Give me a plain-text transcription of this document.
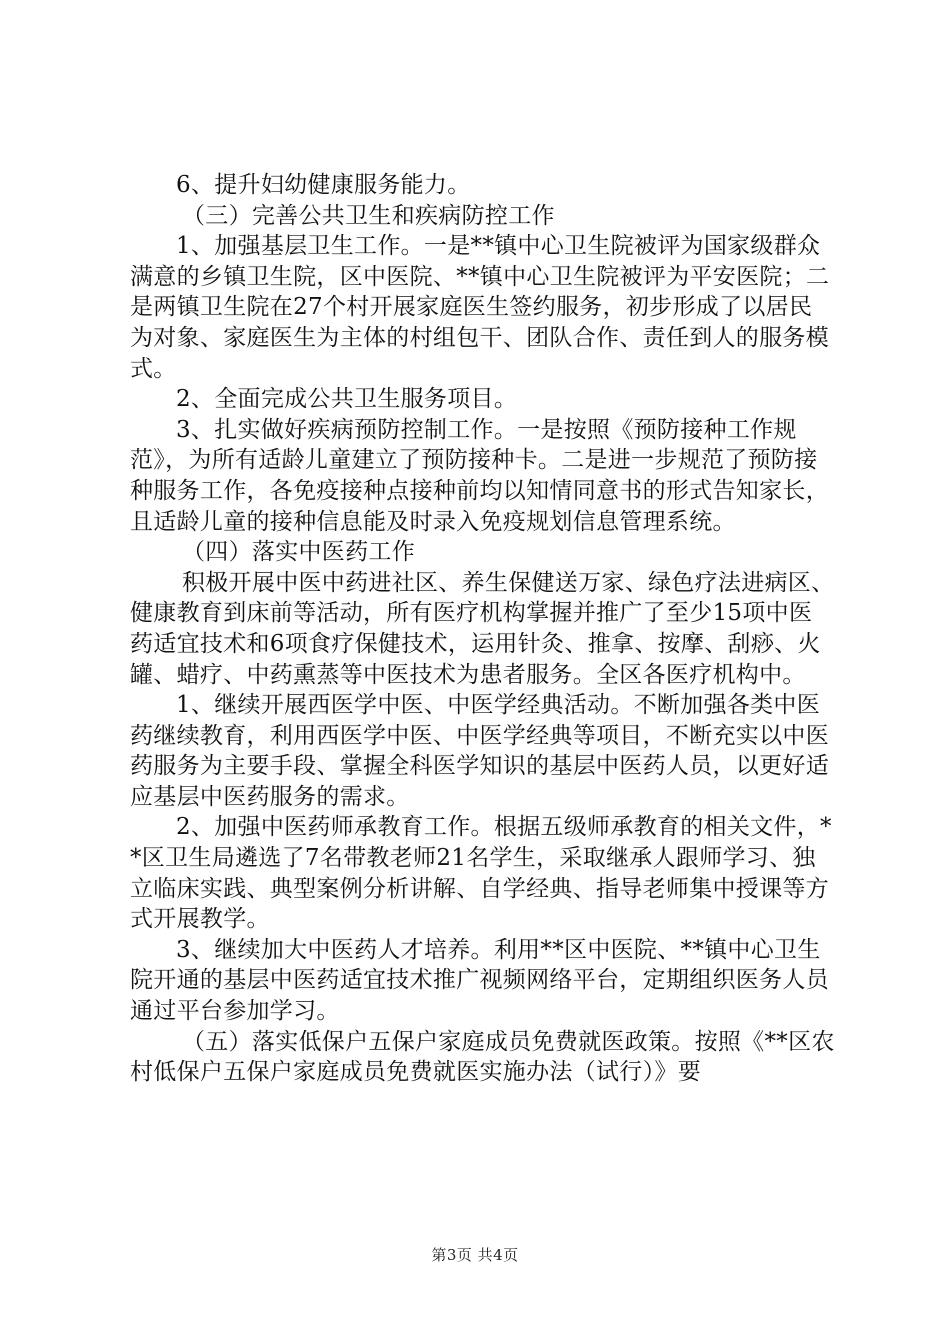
6、提升妇幼健康服务能力。

（三）完善公共卫生和疾病防控工作

1、加强基层卫生工作。一是**镇中心卫生院被评为国家级群众满意的乡镇卫生院，区中医院、**镇中心卫生院被评为平安医院；二是两镇卫生院在27个村开展家庭医生签约服务，初步形成了以居民为对象、家庭医生为主体的村组包干、团队合作、责任到人的服务模式。

2、全面完成公共卫生服务项目。

3、扎实做好疾病预防控制工作。一是按照《预防接种工作规范》，为所有适龄儿童建立了预防接种卡。二是进一步规范了预防接种服务工作，各免疫接种点接种前均以知情同意书的形式告知家长，且适龄儿童的接种信息能及时录入免疫规划信息管理系统。

（四）落实中医药工作

积极开展中医中药进社区、养生保健送万家、绿色疗法进病区、健康教育到床前等活动，所有医疗机构掌握并推广了至少15项中医药适宜技术和6项食疗保健技术，运用针灸、推拿、按摩、刮痧、火罐、蜡疗、中药熏蒸等中医技术为患者服务。全区各医疗机构中。

1、继续开展西医学中医、中医学经典活动。不断加强各类中医药继续教育，利用西医学中医、中医学经典等项目，不断充实以中医药服务为主要手段、掌握全科医学知识的基层中医药人员，以更好适应基层中医药服务的需求。

2、加强中医药师承教育工作。根据五级师承教育的相关文件，**区卫生局遴选了7名带教老师21名学生，采取继承人跟师学习、独立临床实践、典型案例分析讲解、自学经典、指导老师集中授课等方式开展教学。

3、继续加大中医药人才培养。利用**区中医院、**镇中心卫生院开通的基层中医药适宜技术推广视频网络平台，定期组织医务人员通过平台参加学习。

（五）落实低保户五保户家庭成员免费就医政策。按照《**区农村低保户五保户家庭成员免费就医实施办法（试行）》要

第3页 共4页
